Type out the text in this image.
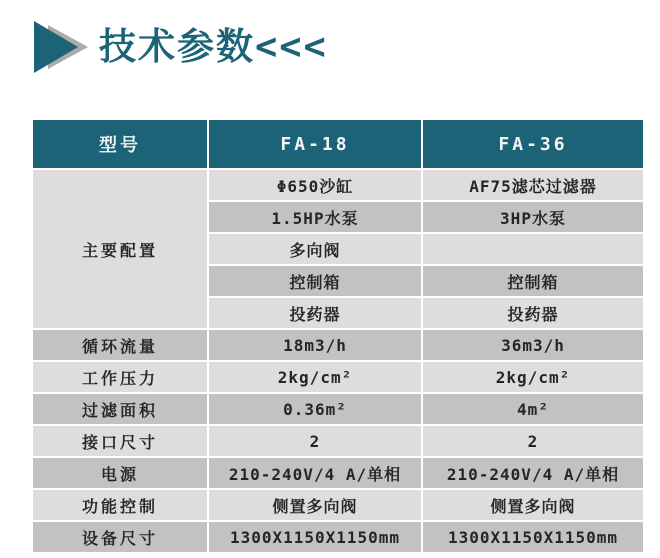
技术参数<<<
型号	FA-18	FA-36
主要配置
Φ650沙缸	AF75滤芯过滤器
1.5HP水泵	3HP水泵
多向阀
控制箱	控制箱
投药器	投药器
循环流量	18m3/h	36m3/h
工作压力	2kg/cm²	2kg/cm²
过滤面积	0.36m²	4m²
接口尺寸	2	2
电源	210-240V/4 A/单相	210-240V/4 A/单相
功能控制	侧置多向阀	侧置多向阀
设备尺寸	1300X1150X1150mm	1300X1150X1150mm
